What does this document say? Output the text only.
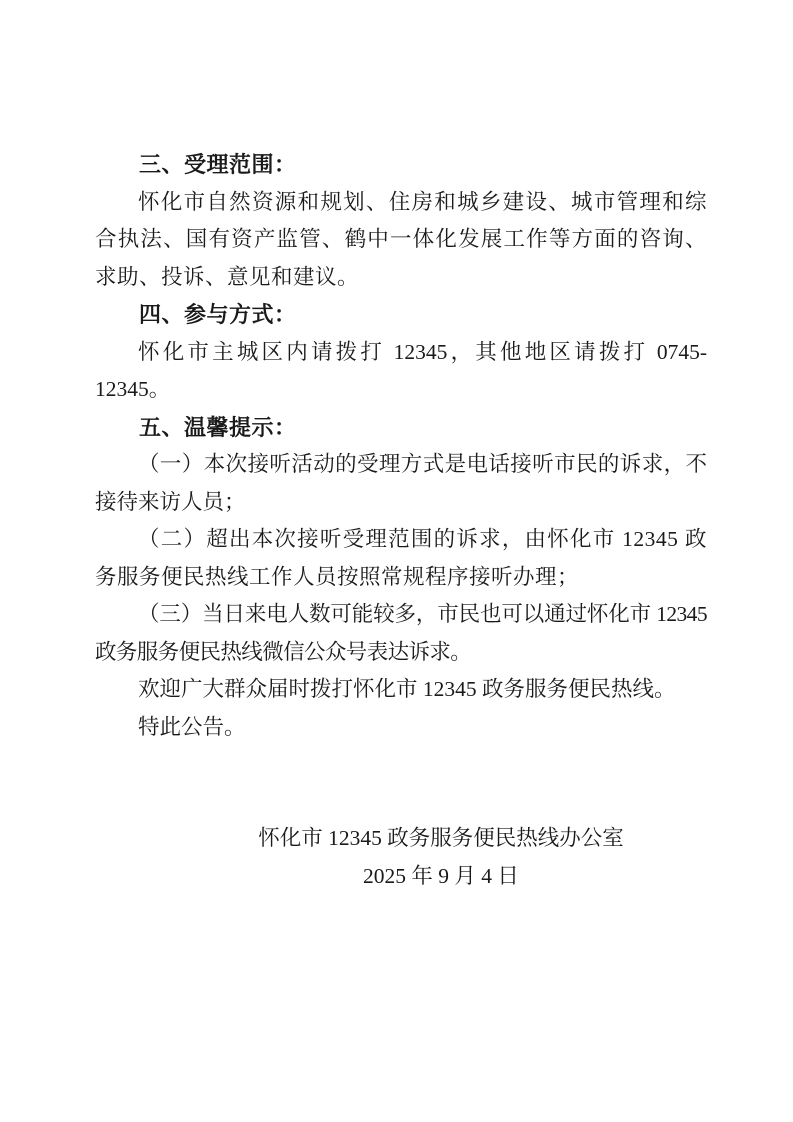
三、受理范围：

怀化市自然资源和规划、住房和城乡建设、城市管理和综合执法、国有资产监管、鹤中一体化发展工作等方面的咨询、求助、投诉、意见和建议。

四、参与方式：

怀化市主城区内请拨打 12345，其他地区请拨打 0745-12345。

五、温馨提示：

（一）本次接听活动的受理方式是电话接听市民的诉求，不接待来访人员；

（二）超出本次接听受理范围的诉求，由怀化市 12345 政务服务便民热线工作人员按照常规程序接听办理；

（三）当日来电人数可能较多，市民也可以通过怀化市 12345 政务服务便民热线微信公众号表达诉求。

欢迎广大群众届时拨打怀化市 12345 政务服务便民热线。

特此公告。

怀化市 12345 政务服务便民热线办公室

2025 年 9 月 4 日
